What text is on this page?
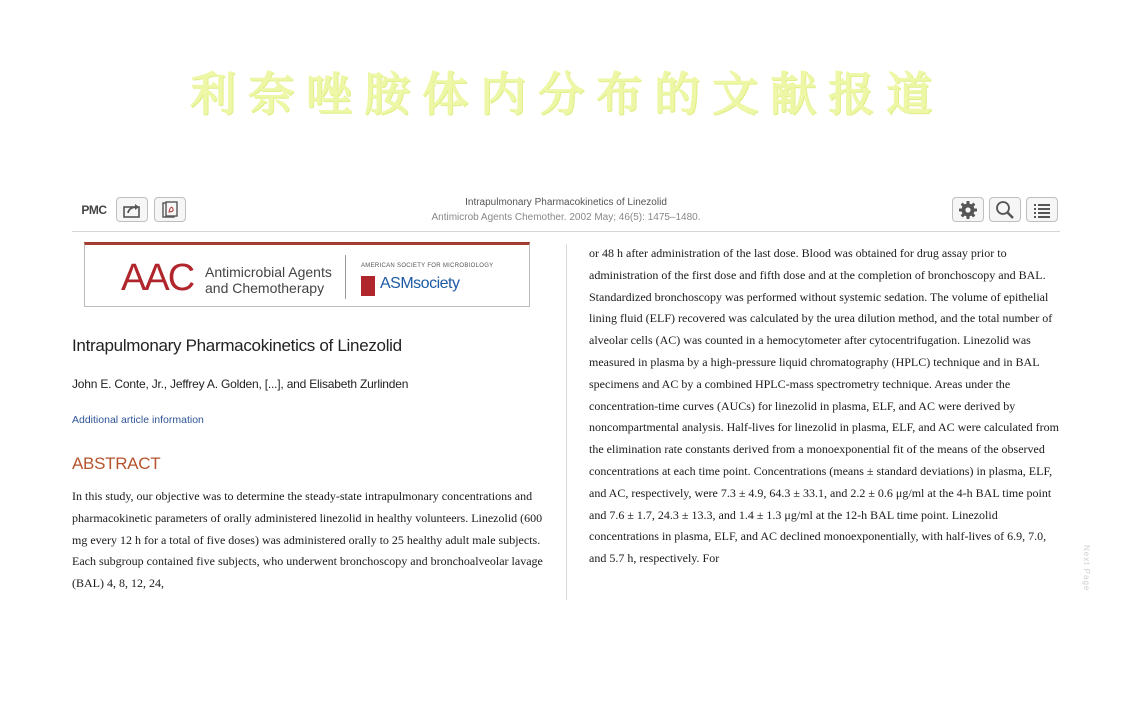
利奈唑胺体内分布的文献报道
PMC	Intrapulmonary Pharmacokinetics of Linezolid
Antimicrob Agents Chemother. 2002 May; 46(5): 1475–1480.
AAC Antimicrobial Agents
and Chemotherapy
AMERICAN SOCIETY FOR MICROBIOLOGY
ASMsociety
Intrapulmonary Pharmacokinetics of Linezolid
John E. Conte, Jr., Jeffrey A. Golden, [...], and Elisabeth Zurlinden
Additional article information
ABSTRACT

In this study, our objective was to determine the steady-state intrapulmonary concentrations and pharmacokinetic parameters of orally administered linezolid in healthy volunteers. Linezolid (600 mg every 12 h for a total of five doses) was administered orally to 25 healthy adult male subjects. Each subgroup contained five subjects, who underwent bronchoscopy and bronchoalveolar lavage (BAL) 4, 8, 12, 24,

or 48 h after administration of the last dose. Blood was obtained for drug assay prior to administration of the first dose and fifth dose and at the completion of bronchoscopy and BAL. Standardized bronchoscopy was performed without systemic sedation. The volume of epithelial lining fluid (ELF) recovered was calculated by the urea dilution method, and the total number of alveolar cells (AC) was counted in a hemocytometer after cytocentrifugation. Linezolid was measured in plasma by a high-pressure liquid chromatography (HPLC) technique and in BAL specimens and AC by a combined HPLC-mass spectrometry technique. Areas under the concentration-time curves (AUCs) for linezolid in plasma, ELF, and AC were derived by noncompartmental analysis. Half-lives for linezolid in plasma, ELF, and AC were calculated from the elimination rate constants derived from a monoexponential fit of the means of the observed concentrations at each time point. Concentrations (means ± standard deviations) in plasma, ELF, and AC, respectively, were 7.3 ± 4.9, 64.3 ± 33.1, and 2.2 ± 0.6 μg/ml at the 4-h BAL time point and 7.6 ± 1.7, 24.3 ± 13.3, and 1.4 ± 1.3 μg/ml at the 12-h BAL time point. Linezolid concentrations in plasma, ELF, and AC declined monoexponentially, with half-lives of 6.9, 7.0, and 5.7 h, respectively. For	Next Page
